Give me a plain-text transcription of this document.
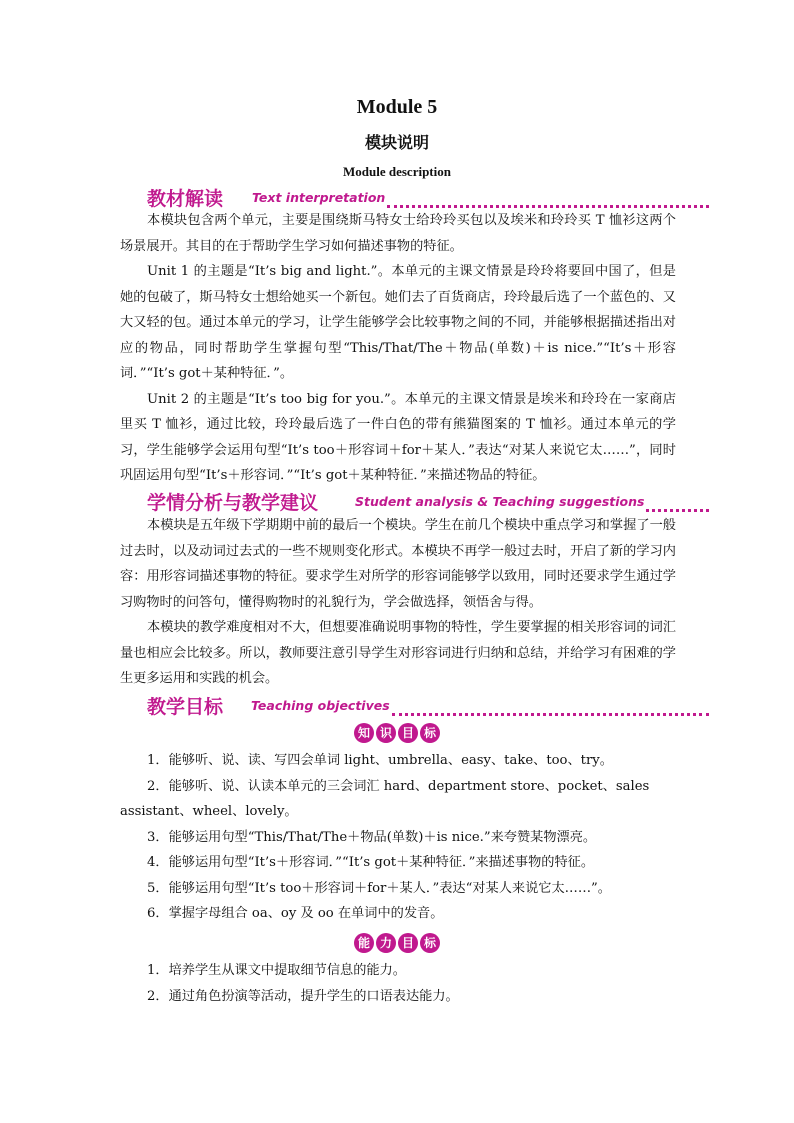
Module 5
模块说明
Module description
教材解读 Text interpretation

本模块包含两个单元，主要是围绕斯马特女士给玲玲买包以及埃米和玲玲买 T 恤衫这两个场景展开。其目的在于帮助学生学习如何描述事物的特征。

Unit 1 的主题是“It’s big and light.”。本单元的主课文情景是玲玲将要回中国了，但是她的包破了，斯马特女士想给她买一个新包。她们去了百货商店，玲玲最后选了一个蓝色的、又大又轻的包。通过本单元的学习，让学生能够学会比较事物之间的不同，并能够根据描述指出对应的物品，同时帮助学生掌握句型“This/That/The＋物品(单数)＋is nice.”“It’s＋形容词．”“It’s got＋某种特征．”。

Unit 2 的主题是“It’s too big for you.”。本单元的主课文情景是埃米和玲玲在一家商店里买 T 恤衫，通过比较，玲玲最后选了一件白色的带有熊猫图案的 T 恤衫。通过本单元的学习，学生能够学会运用句型“It’s too＋形容词＋for＋某人．”表达“对某人来说它太……”，同时巩固运用句型“It’s＋形容词．”“It’s got＋某种特征．”来描述物品的特征。

学情分析与教学建议	Student analysis & Teaching suggestions

本模块是五年级下学期期中前的最后一个模块。学生在前几个模块中重点学习和掌握了一般过去时，以及动词过去式的一些不规则变化形式。本模块不再学一般过去时，开启了新的学习内容：用形容词描述事物的特征。要求学生对所学的形容词能够学以致用，同时还要求学生通过学习购物时的问答句，懂得购物时的礼貌行为，学会做选择，领悟舍与得。

本模块的教学难度相对不大，但想要准确说明事物的特性，学生要掌握的相关形容词的词汇量也相应会比较多。所以，教师要注意引导学生对形容词进行归纳和总结，并给学习有困难的学生更多运用和实践的机会。

教学目标 Teaching objectives
知 识 目 标

1．能够听、说、读、写四会单词 light、umbrella、easy、take、too、try。

2．能够听、说、认读本单元的三会词汇 hard、department store、pocket、sales assistant、wheel、lovely。

3．能够运用句型“This/That/The＋物品(单数)＋is nice.”来夸赞某物漂亮。

4．能够运用句型“It’s＋形容词．”“It’s got＋某种特征．”来描述事物的特征。

5．能够运用句型“It’s too＋形容词＋for＋某人．”表达“对某人来说它太……”。

6．掌握字母组合 oa、oy 及 oo 在单词中的发音。

能 力 目 标

1．培养学生从课文中提取细节信息的能力。

2．通过角色扮演等活动，提升学生的口语表达能力。
